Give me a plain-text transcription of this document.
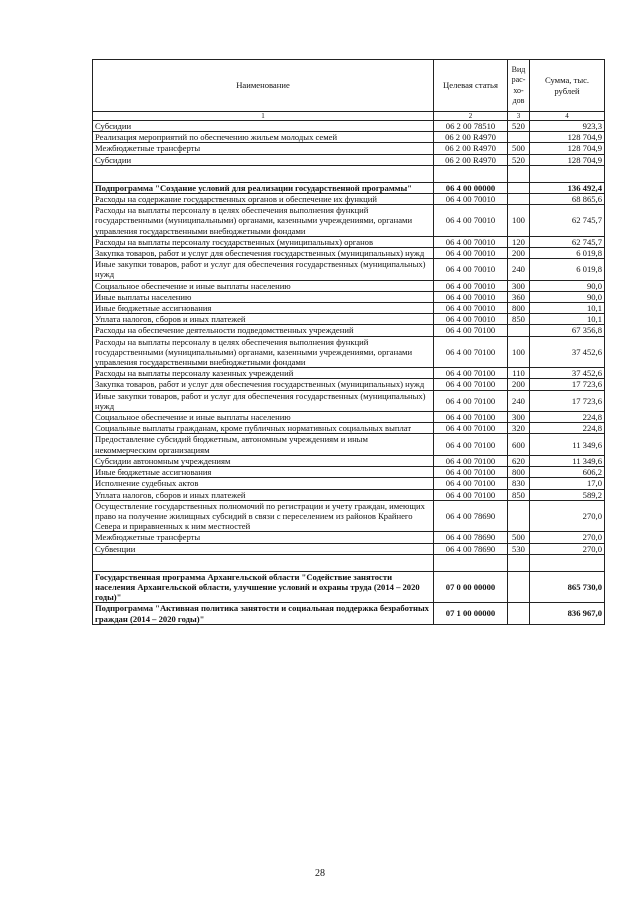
Наименование	Целевая статья	Вид рас-хо-дов	Сумма, тыс. рублей
1	2	3	4
Субсидии	06 2 00 78510	520	923,3
Реализация мероприятий по обеспечению жильем молодых семей	06 2 00 R4970		128 704,9
Межбюджетные трансферты	06 2 00 R4970	500	128 704,9
Субсидии	06 2 00 R4970	520	128 704,9

Подпрограмма "Создание условий для реализации государственной программы"	06 4 00 00000		136 492,4
Расходы на содержание государственных органов и обеспечение их функций	06 4 00 70010		68 865,6
Расходы на выплаты персоналу в целях обеспечения выполнения функций государственными (муниципальными) органами, казенными учреждениями, органами управления государственными внебюджетными фондами	06 4 00 70010	100	62 745,7
Расходы на выплаты персоналу государственных (муниципальных) органов	06 4 00 70010	120	62 745,7
Закупка товаров, работ и услуг для обеспечения государственных (муниципальных) нужд	06 4 00 70010	200	6 019,8
Иные закупки товаров, работ и услуг для обеспечения государственных (муниципальных) нужд	06 4 00 70010	240	6 019,8
Социальное обеспечение и иные выплаты населению	06 4 00 70010	300	90,0
Иные выплаты населению	06 4 00 70010	360	90,0
Иные бюджетные ассигнования	06 4 00 70010	800	10,1
Уплата налогов, сборов и иных платежей	06 4 00 70010	850	10,1
Расходы на обеспечение деятельности подведомственных учреждений	06 4 00 70100		67 356,8
Расходы на выплаты персоналу в целях обеспечения выполнения функций государственными (муниципальными) органами, казенными учреждениями, органами управления государственными внебюджетными фондами	06 4 00 70100	100	37 452,6
Расходы на выплаты персоналу казенных учреждений	06 4 00 70100	110	37 452,6
Закупка товаров, работ и услуг для обеспечения государственных (муниципальных) нужд	06 4 00 70100	200	17 723,6
Иные закупки товаров, работ и услуг для обеспечения государственных (муниципальных) нужд	06 4 00 70100	240	17 723,6
Социальное обеспечение и иные выплаты населению	06 4 00 70100	300	224,8
Социальные выплаты гражданам, кроме публичных нормативных социальных выплат	06 4 00 70100	320	224,8
Предоставление субсидий бюджетным, автономным учреждениям и иным некоммерческим организациям	06 4 00 70100	600	11 349,6
Субсидии автономным учреждениям	06 4 00 70100	620	11 349,6
Иные бюджетные ассигнования	06 4 00 70100	800	606,2
Исполнение судебных актов	06 4 00 70100	830	17,0
Уплата налогов, сборов и иных платежей	06 4 00 70100	850	589,2
Осуществление государственных полномочий по регистрации и учету граждан, имеющих право на получение жилищных субсидий в связи с переселением из районов Крайнего Севера и приравненных к ним местностей	06 4 00 78690		270,0
Межбюджетные трансферты	06 4 00 78690	500	270,0
Субвенции	06 4 00 78690	530	270,0

Государственная программа Архангельской области "Содействие занятости населения Архангельской области, улучшение условий и охраны труда (2014 – 2020 годы)"	07 0 00 00000		865 730,0
Подпрограмма "Активная политика занятости и социальная поддержка безработных граждан (2014 – 2020 годы)"	07 1 00 00000		836 967,0
28
